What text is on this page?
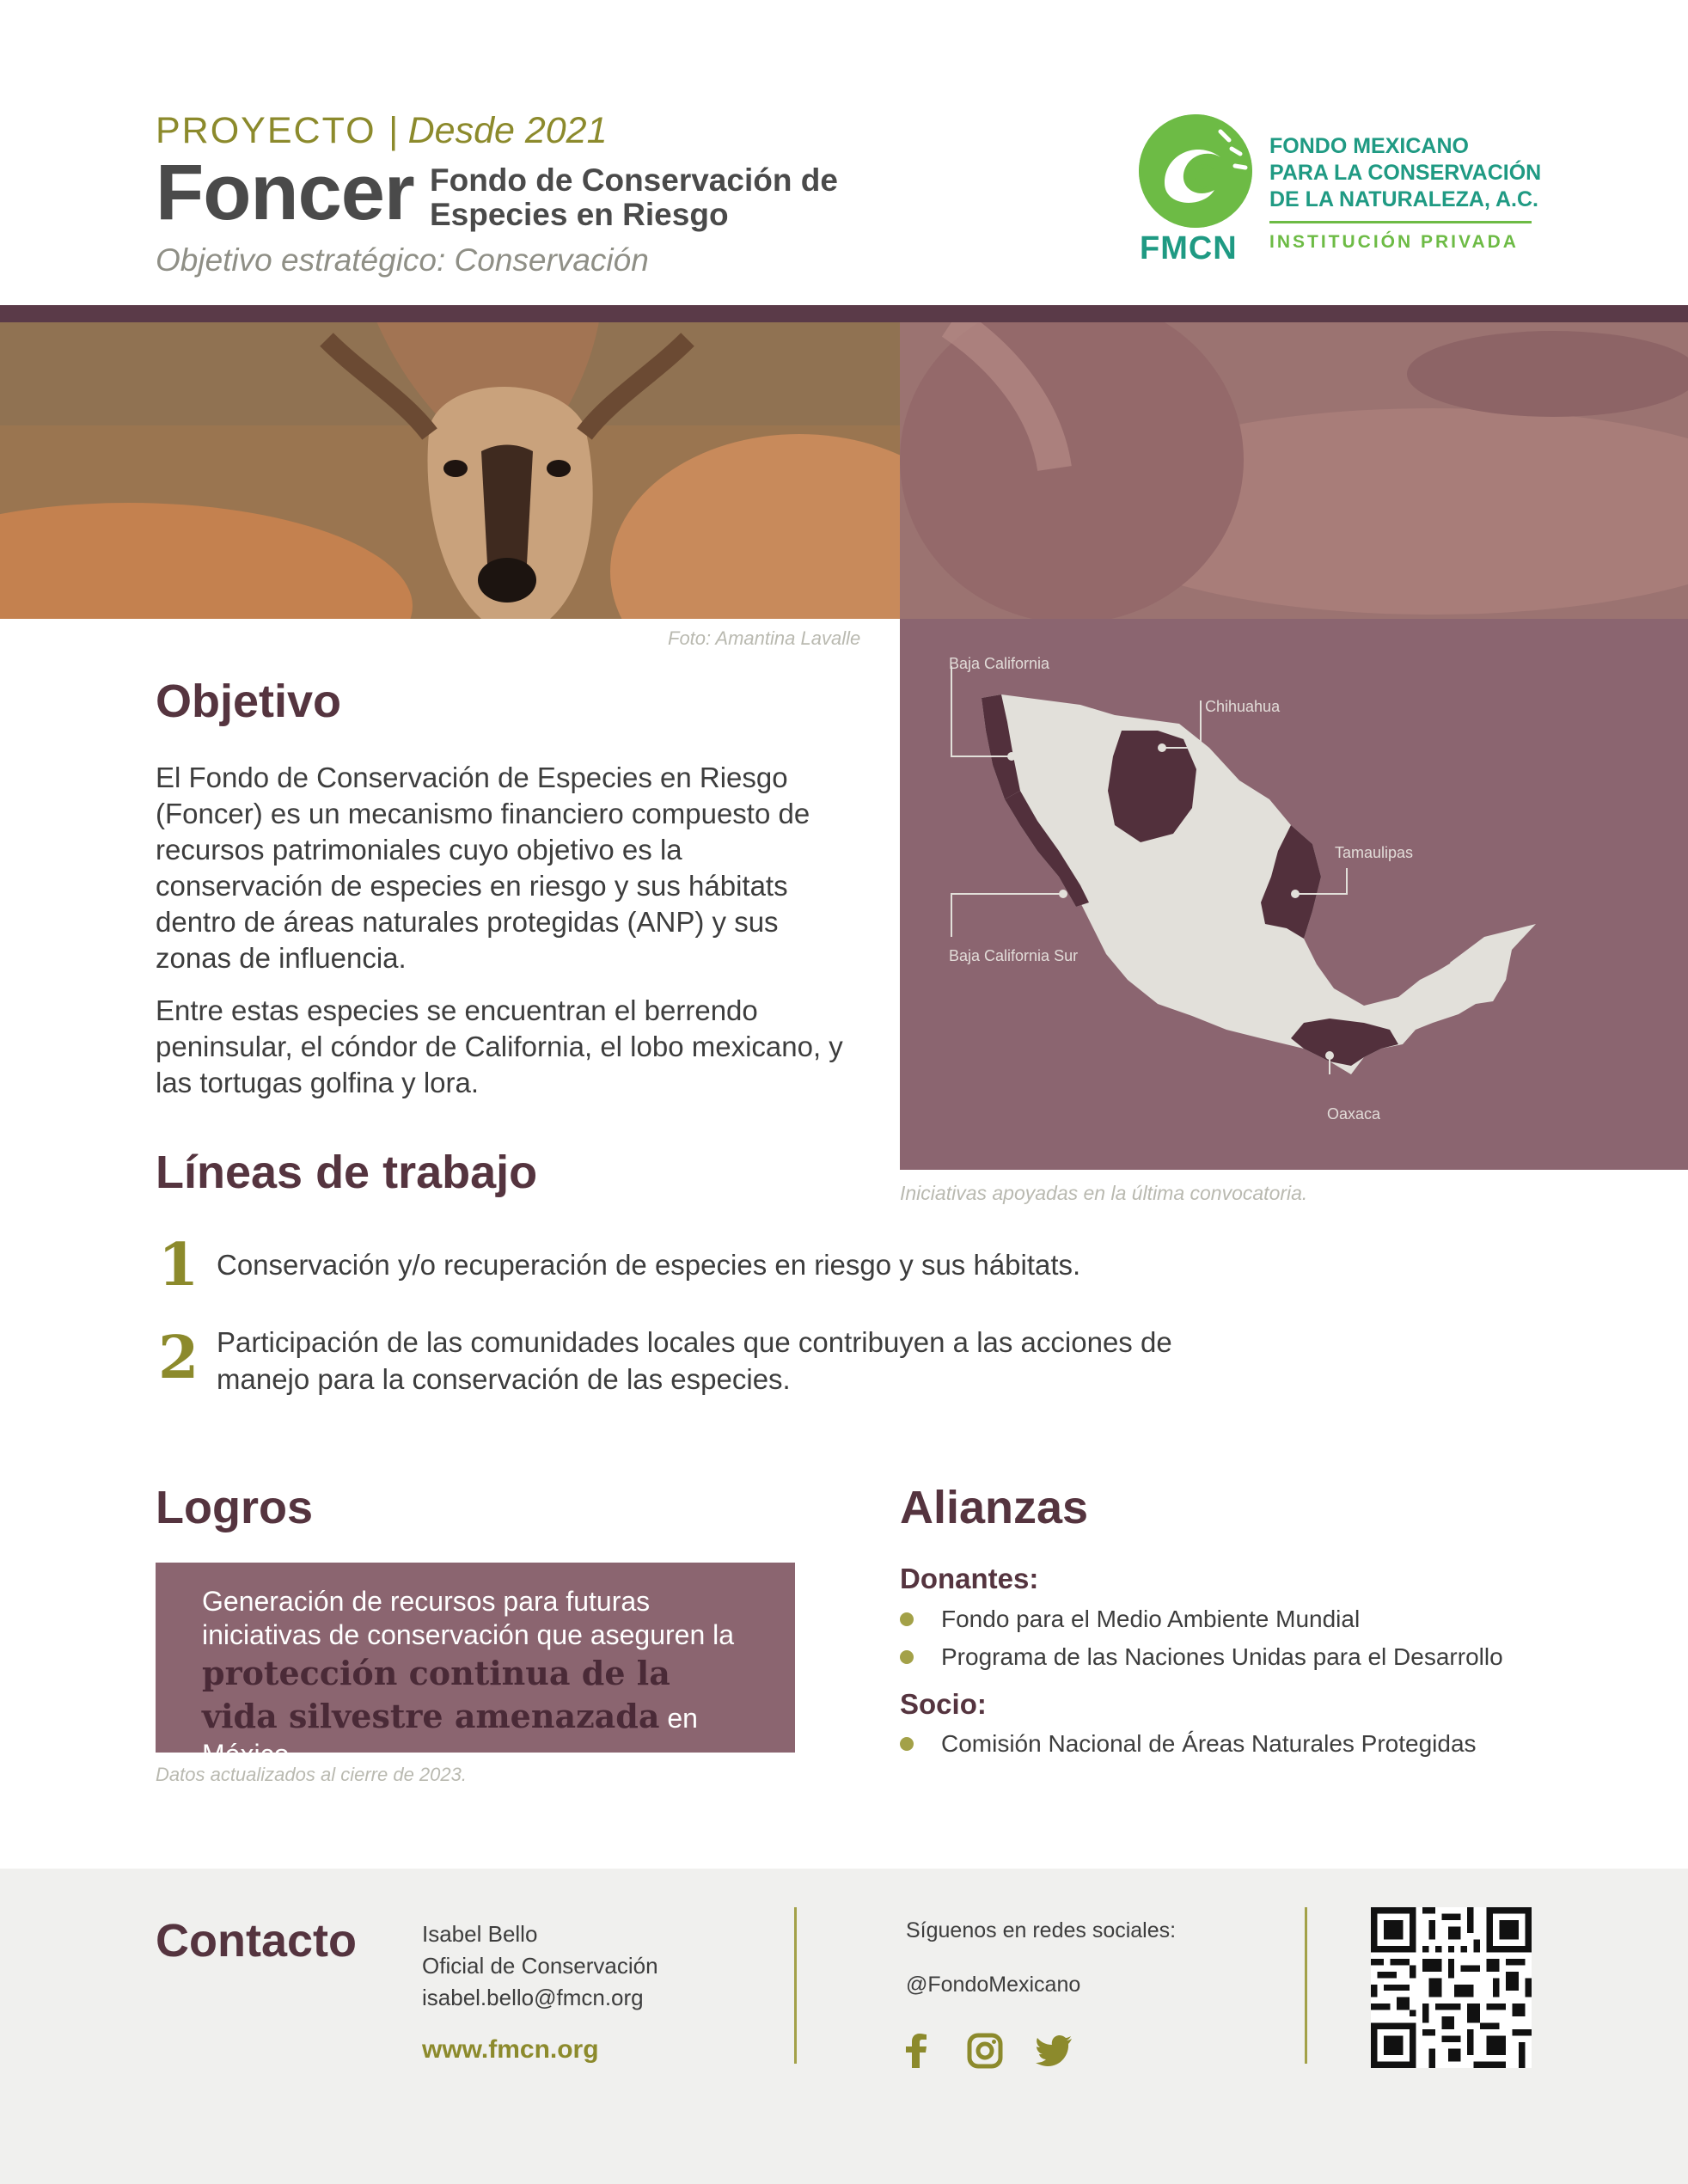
PROYECTO | Desde 2021
Foncer Fondo de Conservación de Especies en Riesgo
Objetivo estratégico: Conservación	FMCN
FONDO MEXICANO
PARA LA CONSERVACIÓN
DE LA NATURALEZA, A.C.
INSTITUCIÓN PRIVADA
Foto: Amantina Lavalle
Baja California
Chihuahua
Tamaulipas
Baja California Sur
Oaxaca
Iniciativas apoyadas en la última convocatoria.
Objetivo
El Fondo de Conservación de Especies en Riesgo (Foncer) es un mecanismo financiero compuesto de recursos patrimoniales cuyo objetivo es la conservación de especies en riesgo y sus hábitats dentro de áreas naturales protegidas (ANP) y sus zonas de influencia.
Entre estas especies se encuentran el berrendo peninsular, el cóndor de California, el lobo mexicano, y las tortugas golfina y lora.
Líneas de trabajo
1 Conservación y/o recuperación de especies en riesgo y sus hábitats.
2 Participación de las comunidades locales que contribuyen a las acciones de manejo para la conservación de las especies.
Logros
Generación de recursos para futuras iniciativas de conservación que aseguren la protección continua de la vida silvestre amenazada en México.
Datos actualizados al cierre de 2023.
Alianzas
Donantes:
Fondo para el Medio Ambiente Mundial
Programa de las Naciones Unidas para el Desarrollo
Socio:
Comisión Nacional de Áreas Naturales Protegidas
Contacto	Isabel Bello
Oficial de Conservación
isabel.bello@fmcn.org
www.fmcn.org
Síguenos en redes sociales:
@FondoMexicano
